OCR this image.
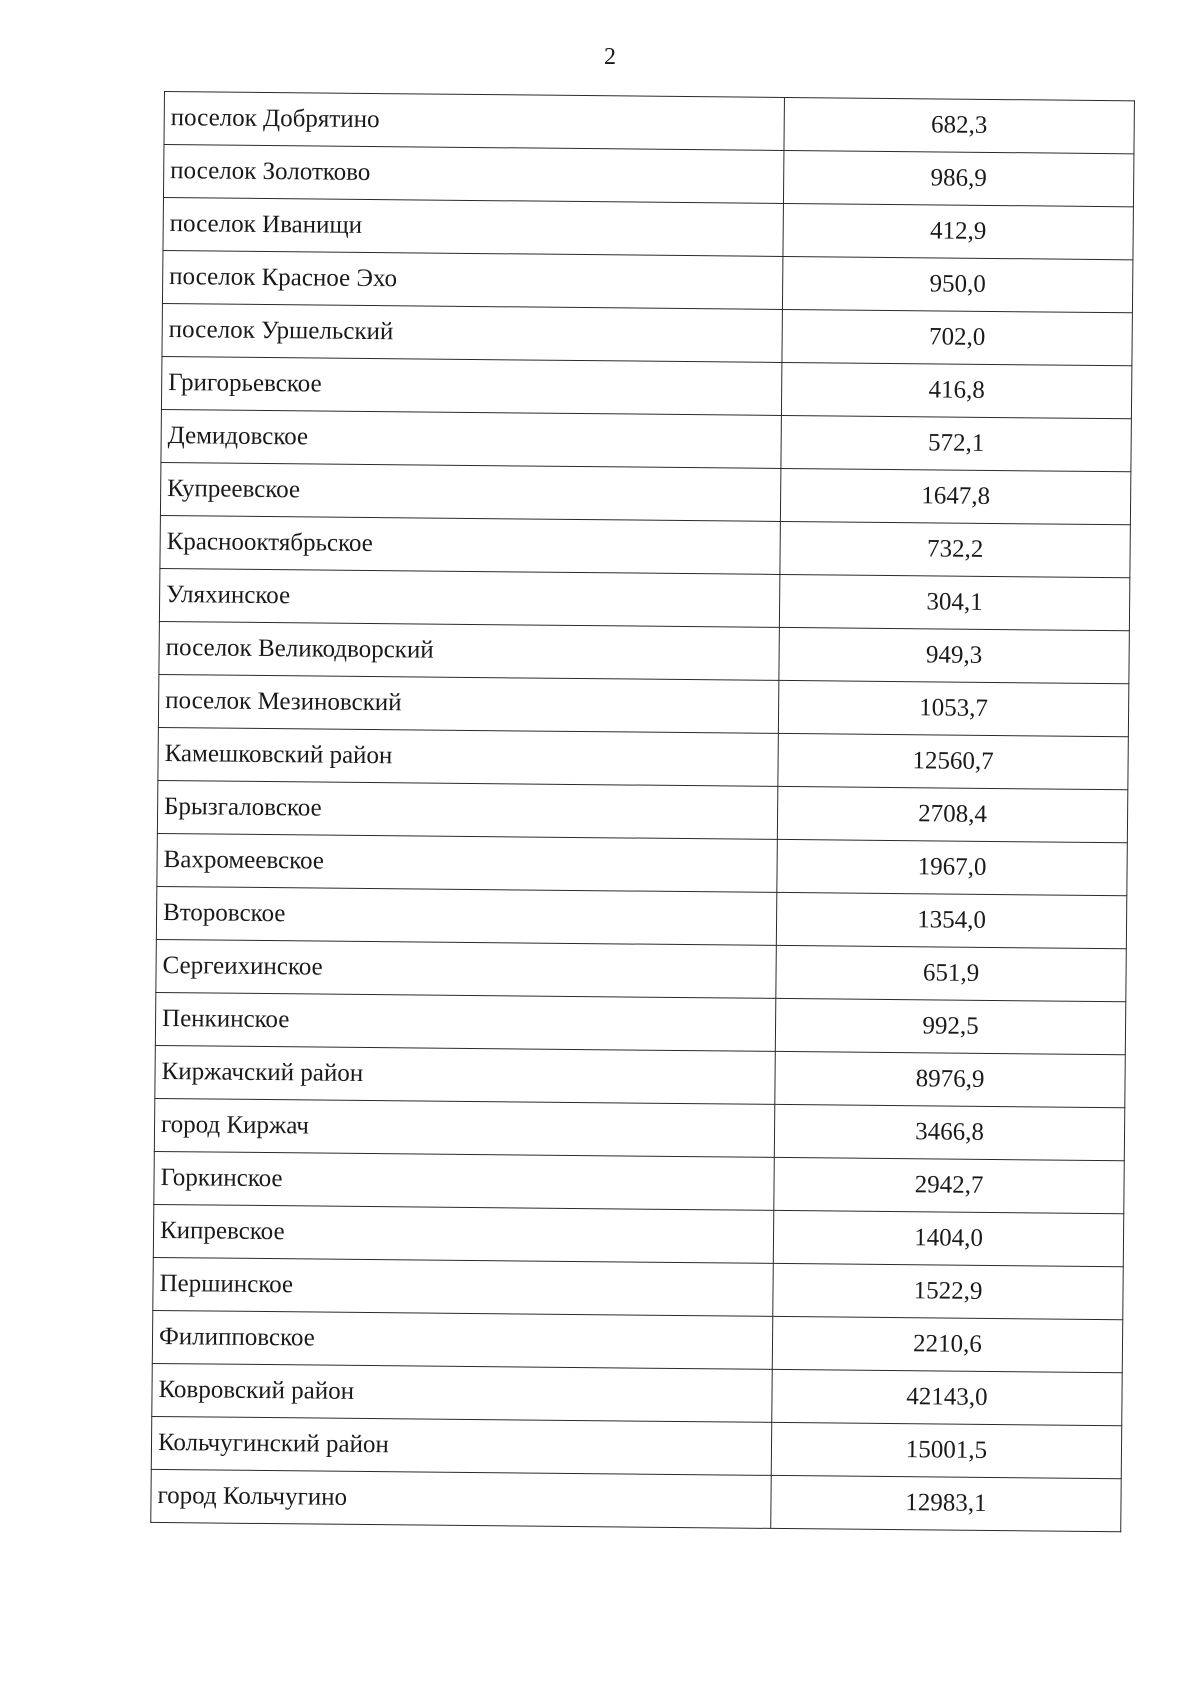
2
поселок Добрятино	682,3
поселок Золотково	986,9
поселок Иванищи	412,9
поселок Красное Эхо	950,0
поселок Уршельский	702,0
Григорьевское	416,8
Демидовское	572,1
Купреевское	1647,8
Краснооктябрьское	732,2
Уляхинское	304,1
поселок Великодворский	949,3
поселок Мезиновский	1053,7
Камешковский район	12560,7
Брызгаловское	2708,4
Вахромеевское	1967,0
Второвское	1354,0
Сергеихинское	651,9
Пенкинское	992,5
Киржачский район	8976,9
город Киржач	3466,8
Горкинское	2942,7
Кипревское	1404,0
Першинское	1522,9
Филипповское	2210,6
Ковровский район	42143,0
Кольчугинский район	15001,5
город Кольчугино	12983,1
